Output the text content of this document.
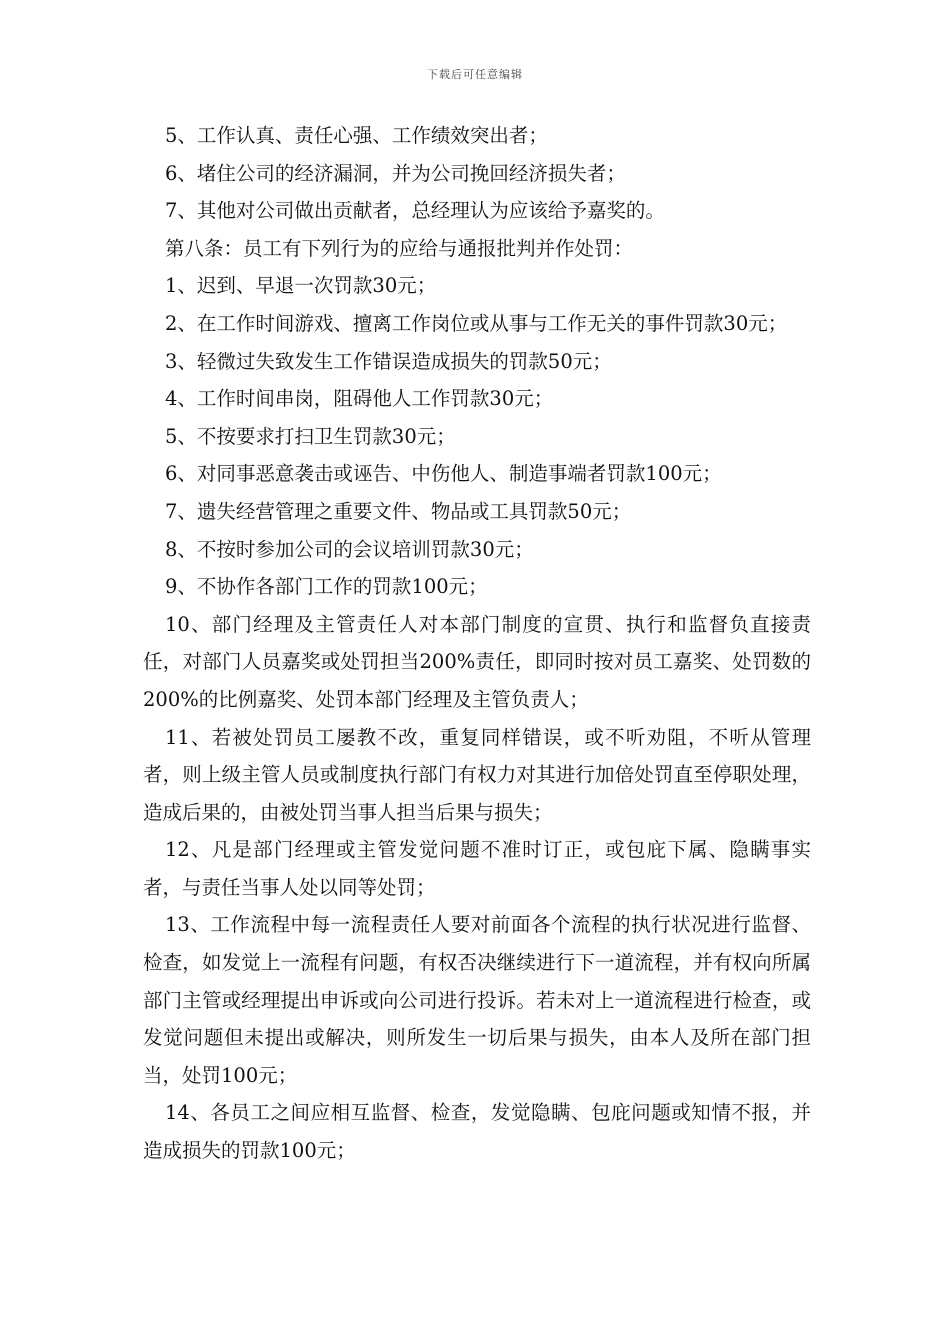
下载后可任意编辑

5、工作认真、责任心强、工作绩效突出者；

6、堵住公司的经济漏洞，并为公司挽回经济损失者；

7、其他对公司做出贡献者，总经理认为应该给予嘉奖的。

第八条：员工有下列行为的应给与通报批判并作处罚：

1、迟到、早退一次罚款30元；

2、在工作时间游戏、擅离工作岗位或从事与工作无关的事件罚款30元；

3、轻微过失致发生工作错误造成损失的罚款50元；

4、工作时间串岗，阻碍他人工作罚款30元；

5、不按要求打扫卫生罚款30元；

6、对同事恶意袭击或诬告、中伤他人、制造事端者罚款100元；

7、遗失经营管理之重要文件、物品或工具罚款50元；

8、不按时参加公司的会议培训罚款30元；

9、不协作各部门工作的罚款100元；

10、部门经理及主管责任人对本部门制度的宣贯、执行和监督负直接责任，对部门人员嘉奖或处罚担当200%责任，即同时按对员工嘉奖、处罚数的200%的比例嘉奖、处罚本部门经理及主管负责人；

11、若被处罚员工屡教不改，重复同样错误，或不听劝阻，不听从管理者，则上级主管人员或制度执行部门有权力对其进行加倍处罚直至停职处理，造成后果的，由被处罚当事人担当后果与损失；

12、凡是部门经理或主管发觉问题不准时订正，或包庇下属、隐瞒事实者，与责任当事人处以同等处罚；

13、工作流程中每一流程责任人要对前面各个流程的执行状况进行监督、检查，如发觉上一流程有问题，有权否决继续进行下一道流程，并有权向所属部门主管或经理提出申诉或向公司进行投诉。若未对上一道流程进行检查，或发觉问题但未提出或解决，则所发生一切后果与损失，由本人及所在部门担当，处罚100元；

14、各员工之间应相互监督、检查，发觉隐瞒、包庇问题或知情不报，并造成损失的罚款100元；
